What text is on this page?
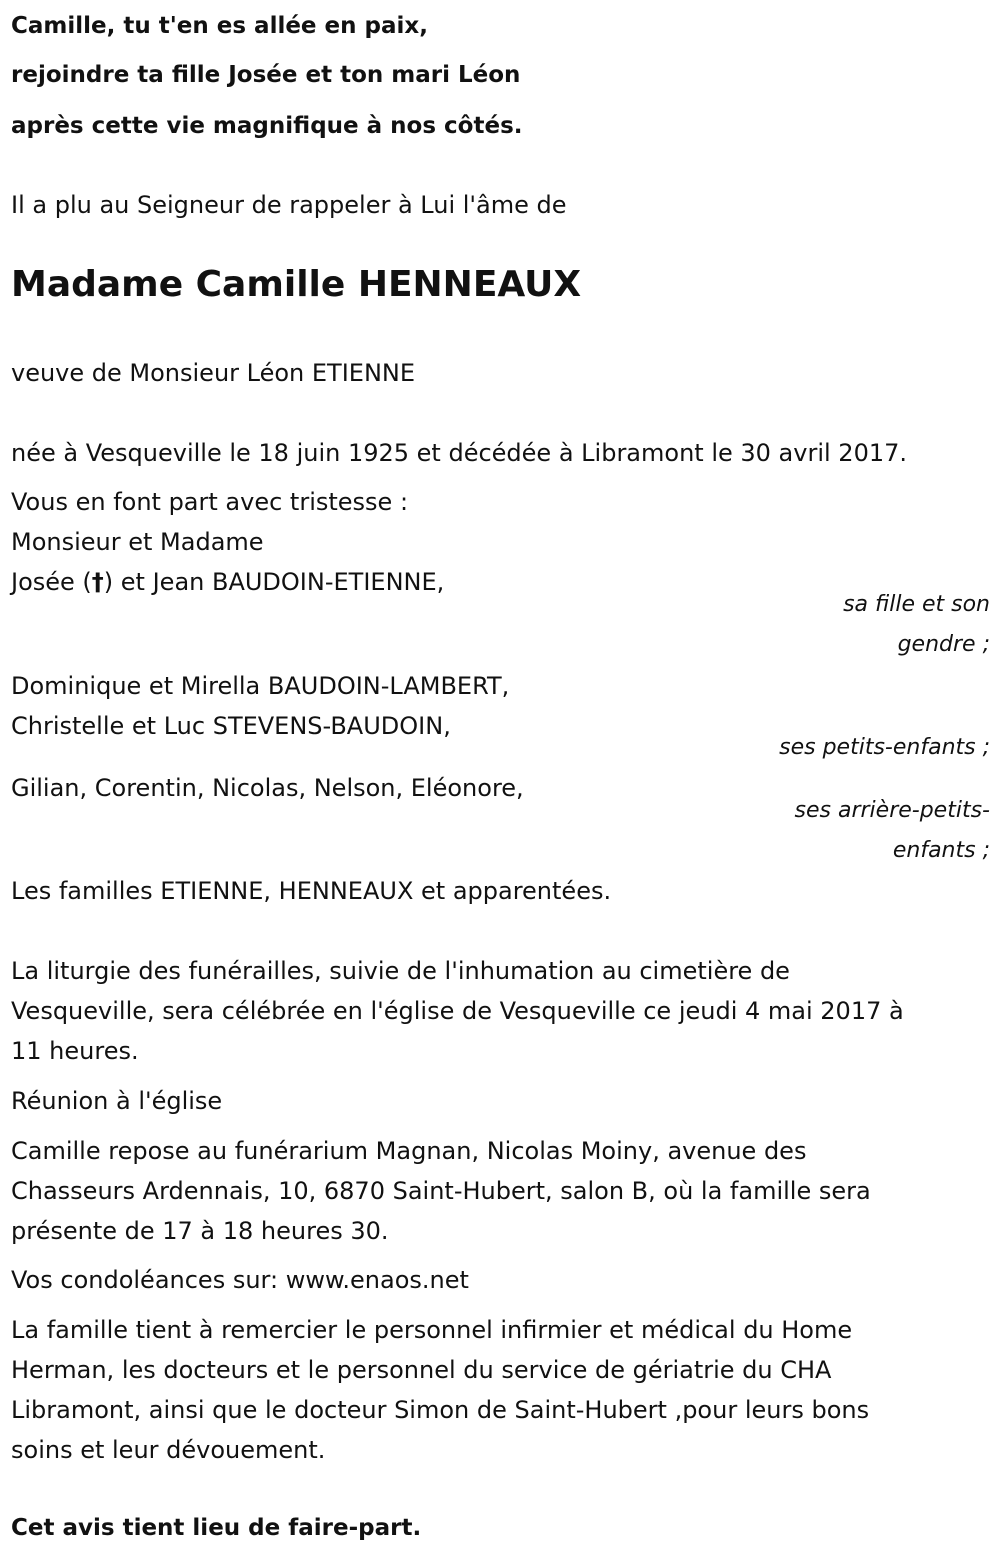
Camille, tu t'en es allée en paix,

rejoindre ta fille Josée et ton mari Léon

après cette vie magnifique à nos côtés.

Il a plu au Seigneur de rappeler à Lui l'âme de

Madame Camille HENNEAUX

veuve de Monsieur Léon ETIENNE

née à Vesqueville le 18 juin 1925 et décédée à Libramont le 30 avril 2017.

Vous en font part avec tristesse :

Monsieur et Madame

Josée (†) et Jean BAUDOIN-ETIENNE,

sa fille et son

gendre ;

Dominique et Mirella BAUDOIN-LAMBERT,

Christelle et Luc STEVENS-BAUDOIN,

ses petits-enfants ;

Gilian, Corentin, Nicolas, Nelson, Eléonore,

ses arrière-petits-

enfants ;

Les familles ETIENNE, HENNEAUX et apparentées.

La liturgie des funérailles, suivie de l'inhumation au cimetière de

Vesqueville, sera célébrée en l'église de Vesqueville ce jeudi 4 mai 2017 à

11 heures.

Réunion à l'église

Camille repose au funérarium Magnan, Nicolas Moiny, avenue des

Chasseurs Ardennais, 10, 6870 Saint-Hubert, salon B, où la famille sera

présente de 17 à 18 heures 30.

Vos condoléances sur: www.enaos.net

La famille tient à remercier le personnel infirmier et médical du Home

Herman, les docteurs et le personnel du service de gériatrie du CHA

Libramont, ainsi que le docteur Simon de Saint-Hubert ,pour leurs bons

soins et leur dévouement.

Cet avis tient lieu de faire-part.
